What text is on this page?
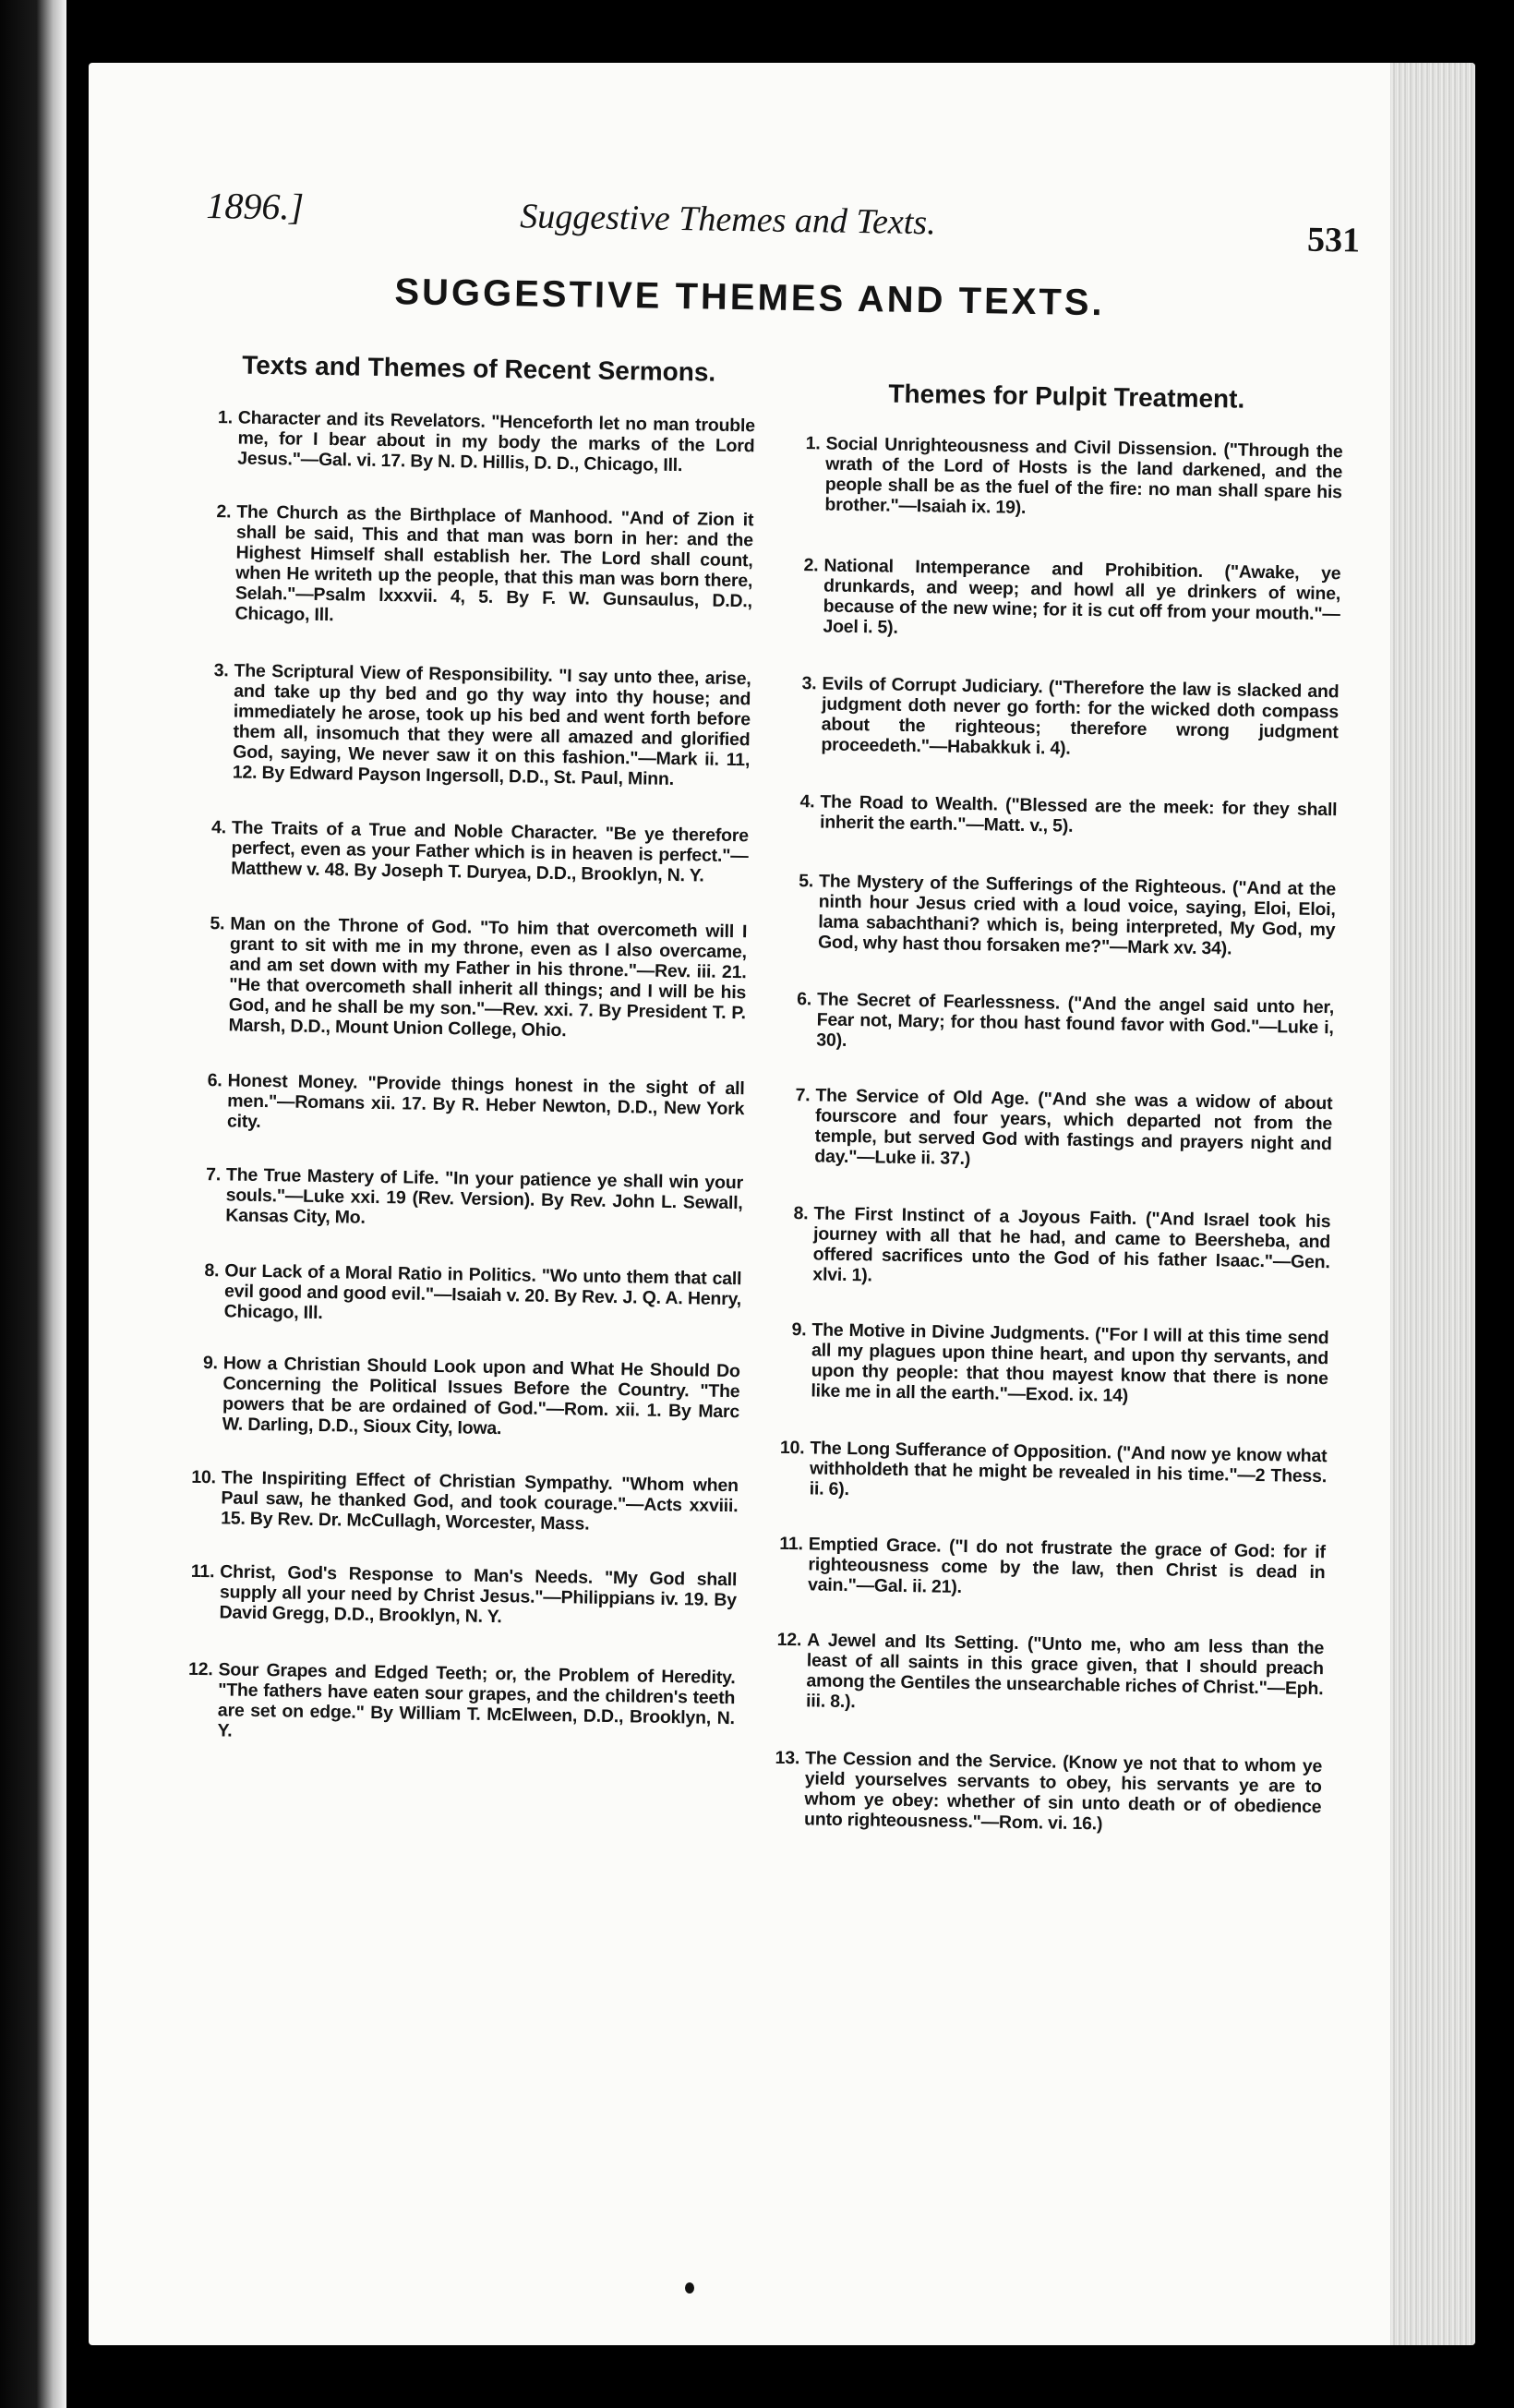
1896.]	Suggestive Themes and Texts.	531
SUGGESTIVE THEMES AND TEXTS.
Texts and Themes of Recent Sermons.
1. Character and its Revelators. "Henceforth let no man trouble me, for I bear about in my body the marks of the Lord Jesus."—Gal. vi. 17. By N. D. Hillis, D. D., Chicago, Ill.
2. The Church as the Birthplace of Manhood. "And of Zion it shall be said, This and that man was born in her: and the Highest Himself shall establish her. The Lord shall count, when He writeth up the people, that this man was born there, Selah."—Psalm lxxxvii. 4, 5. By F. W. Gunsaulus, D.D., Chicago, Ill.
3. The Scriptural View of Responsibility. "I say unto thee, arise, and take up thy bed and go thy way into thy house; and immediately he arose, took up his bed and went forth before them all, insomuch that they were all amazed and glorified God, saying, We never saw it on this fashion."—Mark ii. 11, 12. By Edward Payson Ingersoll, D.D., St. Paul, Minn.
4. The Traits of a True and Noble Character. "Be ye therefore perfect, even as your Father which is in heaven is perfect."—Matthew v. 48. By Joseph T. Duryea, D.D., Brooklyn, N. Y.
5. Man on the Throne of God. "To him that overcometh will I grant to sit with me in my throne, even as I also overcame, and am set down with my Father in his throne."—Rev. iii. 21. "He that overcometh shall inherit all things; and I will be his God, and he shall be my son."—Rev. xxi. 7. By President T. P. Marsh, D.D., Mount Union College, Ohio.
6. Honest Money. "Provide things honest in the sight of all men."—Romans xii. 17. By R. Heber Newton, D.D., New York city.
7. The True Mastery of Life. "In your patience ye shall win your souls."—Luke xxi. 19 (Rev. Version). By Rev. John L. Sewall, Kansas City, Mo.
8. Our Lack of a Moral Ratio in Politics. "Wo unto them that call evil good and good evil."—Isaiah v. 20. By Rev. J. Q. A. Henry, Chicago, Ill.
9. How a Christian Should Look upon and What He Should Do Concerning the Political Issues Before the Country. "The powers that be are ordained of God."—Rom. xii. 1. By Marc W. Darling, D.D., Sioux City, Iowa.
10. The Inspiriting Effect of Christian Sympathy. "Whom when Paul saw, he thanked God, and took courage."—Acts xxviii. 15. By Rev. Dr. McCullagh, Worcester, Mass.
11. Christ, God's Response to Man's Needs. "My God shall supply all your need by Christ Jesus."—Philippians iv. 19. By David Gregg, D.D., Brooklyn, N. Y.
12. Sour Grapes and Edged Teeth; or, the Problem of Heredity. "The fathers have eaten sour grapes, and the children's teeth are set on edge." By William T. McElween, D.D., Brooklyn, N. Y.
Themes for Pulpit Treatment.
1. Social Unrighteousness and Civil Dissension. ("Through the wrath of the Lord of Hosts is the land darkened, and the people shall be as the fuel of the fire: no man shall spare his brother."—Isaiah ix. 19).
2. National Intemperance and Prohibition. ("Awake, ye drunkards, and weep; and howl all ye drinkers of wine, because of the new wine; for it is cut off from your mouth."—Joel i. 5).
3. Evils of Corrupt Judiciary. ("Therefore the law is slacked and judgment doth never go forth: for the wicked doth compass about the righteous; therefore wrong judgment proceedeth."—Habakkuk i. 4).
4. The Road to Wealth. ("Blessed are the meek: for they shall inherit the earth."—Matt. v., 5).
5. The Mystery of the Sufferings of the Righteous. ("And at the ninth hour Jesus cried with a loud voice, saying, Eloi, Eloi, lama sabachthani? which is, being interpreted, My God, my God, why hast thou forsaken me?"—Mark xv. 34).
6. The Secret of Fearlessness. ("And the angel said unto her, Fear not, Mary; for thou hast found favor with God."—Luke i, 30).
7. The Service of Old Age. ("And she was a widow of about fourscore and four years, which departed not from the temple, but served God with fastings and prayers night and day."—Luke ii. 37.)
8. The First Instinct of a Joyous Faith. ("And Israel took his journey with all that he had, and came to Beersheba, and offered sacrifices unto the God of his father Isaac."—Gen. xlvi. 1).
9. The Motive in Divine Judgments. ("For I will at this time send all my plagues upon thine heart, and upon thy servants, and upon thy people: that thou mayest know that there is none like me in all the earth."—Exod. ix. 14)
10. The Long Sufferance of Opposition. ("And now ye know what withholdeth that he might be revealed in his time."—2 Thess. ii. 6).
11. Emptied Grace. ("I do not frustrate the grace of God: for if righteousness come by the law, then Christ is dead in vain."—Gal. ii. 21).
12. A Jewel and Its Setting. ("Unto me, who am less than the least of all saints in this grace given, that I should preach among the Gentiles the unsearchable riches of Christ."—Eph. iii. 8.).
13. The Cession and the Service. (Know ye not that to whom ye yield yourselves servants to obey, his servants ye are to whom ye obey: whether of sin unto death or of obedience unto righteousness."—Rom. vi. 16.)
